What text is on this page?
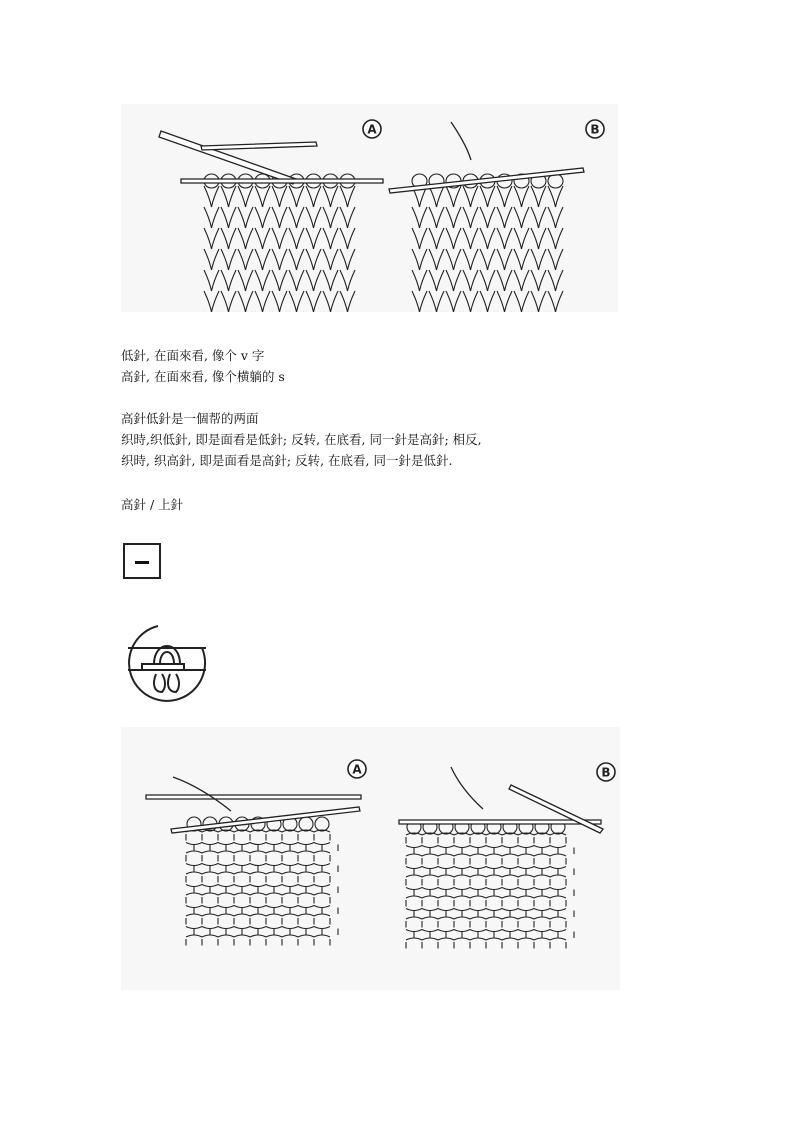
A	B
低針, 在面來看, 像个 v 字
高針, 在面來看, 像个横躺的 s
高針低針是一個帮的两面
织時,织低針, 即是面看是低針; 反转, 在底看, 同一針是高針; 相反,
织時, 织高針, 即是面看是高針; 反转, 在底看, 同一針是低針.
高針 / 上針
A	B
